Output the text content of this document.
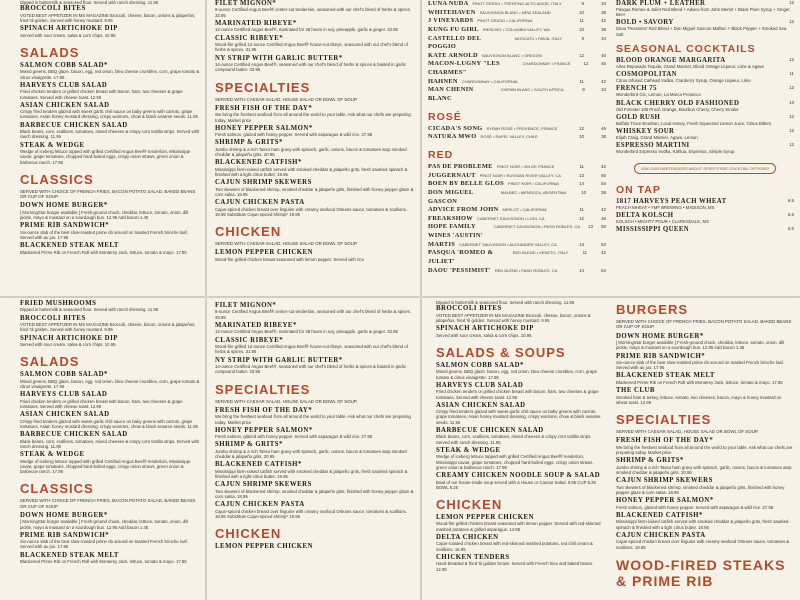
Dipped in buttermilk & seasoned flour. Served with ranch dressing. 11.95
BROCCOLI BITES
VOTED BEST APPETIZER IN MS MAGAZINE Broccoli, cheese, bacon, onions & jalapeños, fried 'til golden. Served with honey mustard. 9.95
SPINACH ARTICHOKE DIP
Served with sour cream, salsa & corn chips. 10.95
SALADS
SALMON COBB SALAD*
Mixed greens, BBQ glaze, bacon, egg, red onion, bleu cheese crumbles, corn, grape tomato & citrus vinaigrette. 17.95
HARVEYS CLUB SALAD
Fried chicken tenders or grilled chicken breast with bacon, ham, two cheeses & grape tomatoes. Served with cheese toast. 12.95
ASIAN CHICKEN SALAD
Crispy fried tenders glazed with sweet garlic chili sauce on baby greens with carrots, grape tomatoes, Asian honey mustard dressing, crispy wontons, chow & black sesame seeds. 11.95
BARBECUE CHICKEN SALAD
Black beans, corn, scallions, tomatoes, mixed cheeses & crispy corn tortilla strips. Served with ranch dressing. 11.95
STEAK & WEDGE
Wedge of iceberg lettuce topped with grilled Certified Angus Beef® tenderloin, Mississippi caviar, grape tomatoes, chopped hard-boiled eggs, crispy onion straws, green onion & barbecue ranch. 17.95
CLASSICS
SERVED WITH CHOICE OF FRENCH FRIES, BACON POTATO SALAD, BAKED BEANS OR CUP OF SOUP.
DOWN HOME BURGER*
[ MorningStar burger available ] Fresh-ground chuck, cheddar, lettuce, tomato, onion, dill pickle, mayo & mustard on a sourdough bun. 12.95 Add bacon 1.45
PRIME RIB SANDWICH*
Six-ounce slab of the best slow-roasted prime rib around on toasted French brioche loaf. Served with au jus. 17.95
BLACKENED STEAK MELT
Blackened Prime Rib on French Roll with Monterey Jack, lettuce, tomato & mayo. 17.95
FILET MIGNON*
8-ounce Certified Angus Beef® center-cut tenderloin, seasoned with our chef's blend of herbs & spices. 33.95
MARINATED RIBEYE*
12-ounce Certified Angus Beef®, marinated for 48 hours in soy, pineapple, garlic & ginger. 32.95
CLASSIC RIBEYE*
Wood-fire grilled 12-ounce Certified Angus Beef® house-cut ribeye, seasoned with our chef's blend of herbs & spices. 31.95
NY STRIP WITH GARLIC BUTTER*
14-ounce Certified Angus Beef®, seasoned with our chef's blend of herbs & spices & basted in garlic compound butter. 33.95
SPECIALTIES
SERVED WITH CAESAR SALAD, HOUSE SALAD OR BOWL OF SOUP.
FRESH FISH OF THE DAY*
We bring the freshest seafood from all around the world to your table. Ask what our chefs are preparing today. Market price
HONEY PEPPER SALMON*
Fresh salmon, glazed with honey pepper. Served with asparagus & wild rice. 27.95
SHRIMP & GRITS*
Jumbo shrimp & a rich Tasso ham gravy with spinach, garlic, onions, bacon & tomatoes atop smoked cheddar & jalapeño grits. 20.95
BLACKENED CATFISH*
Mississippi farm-raised catfish served with smoked cheddar & jalapeño grits, fresh sautéed spinach & finished with a light citrus butter. 19.95
CAJUN SHRIMP SKEWERS
Two skewers of blackened shrimp, smoked cheddar & jalapeño grits, finished with honey pepper glaze & corn salsa. 18.95
CAJUN CHICKEN PASTA
Cajun-spiced chicken breast over linguine with creamy seafood Orleans sauce, tomatoes & scallions. 18.95 Substitute Cajun-spiced shrimp* 19.95
CHICKEN
SERVED WITH CAESAR SALAD, HOUSE SALAD OR BOWL OF SOUP.
LEMON PEPPER CHICKEN
Wood-fire grilled chicken breast seasoned with lemon pepper. Served with rice
LUNA NUDA PINOT GRIGIO • TRENTINO-ALTO ADIGE, ITALY	9	34
WHITEHAVEN SAUVIGNON BLANC • NEW ZEALAND	10	38
J VINEYARDS PINOT GRIGIO • CALIFORNIA	11	42
KUNG FU GIRL RIESLING • COLUMBIA VALLEY, WA	10	38
CASTELLO DEL POGGIO
MOSCATO • PAVIA, ITALY	9	34
KATE ARNOLD SAUVIGNON BLANC • OREGON	12	46
MACON-LUGNY "LES CHARMES"
CHARDONNAY • FRANCE	12	46
HAHNEN CHARDONNAY • CALIFORNIA	11	42
MAN CHENIN BLANC
CHENIN BLANC • SOUTH AFRICA	9	34
ROSÉ
CICADA'S SONG SYRAH ROSÉ • PROVENCE, FRANCE	12	46
NATURA MWO ROSÉ • RAPEL VALLEY, CHILE	10	38
RED
PAS DE PROBLEME PINOT NOIR • VIN DE FRANCE	11	42
JUGGERNAUT PINOT NOIR • RUSSIAN RIVER VALLEY, CA	13	50
BOEN BY BELLE GLOS PINOT NOIR • CALIFORNIA	14	54
DON MIGUEL GASCON
MALBEC • MENDOZA, ARGENTINA	10	38
ADVICE FROM JOHN MERLOT • CALIFORNIA	11	42
FREAKSHOW CABERNET SAUVIGNON • LODI, CA	12	46
HOPE FAMILY WINES 'AUSTIN'
CABERNET SAUVIGNON • PASO ROBLES, CA	13	50
MARTIS CABERNET SAUVIGNON • ALEXANDER VALLEY, CA	14	54
PASQUA 'ROMEO & JULIET'
RED BLEND • VENETO, ITALY	11	42
DAOU 'PESSIMIST' RED BLEND • PASO ROBLES, CA	14	54
DARK PLUM + LEATHER	12
Pasqua Romeo & Juliet Red Blend + Advice from John Merlot + Black Plum Syrup + Ginger Beer
BOLD • SAVORY	12
Daou 'Pessimist' Red Blend + Don Miguel Gascon Malbec + Black Pepper + Smoked Sea Salt
SEASONAL COCKTAILS
BLOOD ORANGE MARGARITA	12
Altos Reposado Tequila, Grand Marnier, Blood Orange Liqueur, Lime & Agave
COSMOPOLITAN	11
Citrus Infused Cathead Vodka, Cranberry Syrup, Orange Liqueur, Lime
FRENCH 75	12
Wonderbird Gin, Lemon, La Marca Prosecco
BLACK CHERRY OLD FASHIONED	13
Old Forester 100 Proof, Orange, Bourbon Cherry, Cherry Smoke
GOLD RUSH	12
Buffalo Trace Bourbon, Local Honey, Fresh Squeezed Lemon Juice, Citrus Bitters
WHISKEY SOUR	12
Elijah Craig, Grand Marnier, Agave, Lemon
ESPRESSO MARTINI	12
Wonderbird Espresso Vodka, Kahlua, Espresso, Simple Syrup
ASK OUR BARTENDERS ABOUT SPIRIT-FREE COCKTAIL OPTIONS!
ON TAP
1817 HARVEYS PEACH WHEAT	6.5
PEACH WHEAT • YMF BREWING • MADISON, MS
DELTA KOLSCH	6.5
KOLSCH • MIGHTY POUR • CLARKSDALE, MS
MISSISSIPPI QUEEN	6.5
FRIED MUSHROOMS
Dipped in buttermilk & seasoned flour. Served with ranch dressing. 11.95
BROCCOLI BITES
VOTED BEST APPETIZER IN MS MAGAZINE Broccoli, cheese, bacon, onions & jalapeños, fried 'til golden. Served with honey mustard. 9.95
SPINACH ARTICHOKE DIP
Served with sour cream, salsa & corn chips. 10.95
SALADS
SALMON COBB SALAD*
Mixed greens, BBQ glaze, bacon, egg, red onion, bleu cheese crumbles, corn, grape tomato & citrus vinaigrette. 17.95
HARVEYS CLUB SALAD
Fried chicken tenders or grilled chicken breast with bacon, ham, two cheeses & grape tomatoes. Served with cheese toast. 12.95
ASIAN CHICKEN SALAD
Crispy fried tenders glazed with sweet garlic chili sauce on baby greens with carrots, grape tomatoes, Asian honey mustard dressing, crispy wontons, chow & black sesame seeds. 11.95
BARBECUE CHICKEN SALAD
Black beans, corn, scallions, tomatoes, mixed cheeses & crispy corn tortilla strips. Served with ranch dressing. 11.95
STEAK & WEDGE
Wedge of iceberg lettuce topped with grilled Certified Angus Beef® tenderloin, Mississippi caviar, grape tomatoes, chopped hard-boiled eggs, crispy onion straws, green onion & barbecue ranch. 17.95
CLASSICS
SERVED WITH CHOICE OF FRENCH FRIES, BACON POTATO SALAD, BAKED BEANS OR CUP OF SOUP.
DOWN HOME BURGER*
[ MorningStar burger available ] Fresh-ground chuck, cheddar, lettuce, tomato, onion, dill pickle, mayo & mustard on a sourdough bun. 12.95 Add bacon 1.45
PRIME RIB SANDWICH*
Six-ounce slab of the best slow-roasted prime rib around on toasted French brioche loaf. Served with au jus. 17.95
BLACKENED STEAK MELT
Blackened Prime Rib on French Roll with Monterey Jack, lettuce, tomato & mayo. 17.95
FILET MIGNON*
8-ounce Certified Angus Beef® center-cut tenderloin, seasoned with our chef's blend of herbs & spices. 33.95
MARINATED RIBEYE*
12-ounce Certified Angus Beef®, marinated for 48 hours in soy, pineapple, garlic & ginger. 32.95
CLASSIC RIBEYE*
Wood-fire grilled 12-ounce Certified Angus Beef® house-cut ribeye, seasoned with our chef's blend of herbs & spices. 31.95
NY STRIP WITH GARLIC BUTTER*
14-ounce Certified Angus Beef®, seasoned with our chef's blend of herbs & spices & basted in garlic compound butter. 33.95
SPECIALTIES
SERVED WITH CAESAR SALAD, HOUSE SALAD OR BOWL OF SOUP.
FRESH FISH OF THE DAY*
We bring the freshest seafood from all around the world to your table. Ask what our chefs are preparing today. Market price
HONEY PEPPER SALMON*
Fresh salmon, glazed with honey pepper. Served with asparagus & wild rice. 27.95
SHRIMP & GRITS*
Jumbo shrimp & a rich Tasso ham gravy with spinach, garlic, onions, bacon & tomatoes atop smoked cheddar & jalapeño grits. 20.95
BLACKENED CATFISH*
Mississippi farm-raised catfish served with smoked cheddar & jalapeño grits, fresh sautéed spinach & finished with a light citrus butter. 19.95
CAJUN SHRIMP SKEWERS
Two skewers of blackened shrimp, smoked cheddar & jalapeño grits, finished with honey pepper glaze & corn salsa. 18.95
CAJUN CHICKEN PASTA
Cajun-spiced chicken breast over linguine with creamy seafood Orleans sauce, tomatoes & scallions. 18.95 Substitute Cajun-spiced shrimp* 19.95
CHICKEN
LEMON PEPPER CHICKEN
Dipped in buttermilk & seasoned flour. Served with ranch dressing. 11.95
BROCCOLI BITES
VOTED BEST APPETIZER IN MS MAGAZINE Broccoli, cheese, bacon, onions & jalapeños, fried 'til golden. Served with honey mustard. 9.95
SPINACH ARTICHOKE DIP
Served with sour cream, salsa & corn chips. 10.95
SALADS & SOUPS
SALMON COBB SALAD*
Mixed greens, BBQ glaze, bacon, egg, red onion, bleu cheese crumbles, corn, grape tomato & citrus vinaigrette. 17.95
HARVEYS CLUB SALAD
Fried chicken tenders or grilled chicken breast with bacon, ham, two cheeses & grape tomatoes. Served with cheese toast. 12.95
ASIAN CHICKEN SALAD
Crispy fried tenders glazed with sweet garlic chili sauce on baby greens with carrots, grape tomatoes, Asian honey mustard dressing, crispy wontons, chow & black sesame seeds. 11.95
BARBECUE CHICKEN SALAD
Black beans, corn, scallions, tomatoes, mixed cheeses & crispy corn tortilla strips. Served with ranch dressing. 11.95
STEAK & WEDGE
Wedge of iceberg lettuce topped with grilled Certified Angus Beef® tenderloin, Mississippi caviar, grape tomatoes, chopped hard-boiled eggs, crispy onion straws, green onion & barbecue ranch. 17.95
CREAMY CHICKEN NOODLE SOUP & SALAD
Bowl of our house-made soup served with a House or Caesar Salad. 9.95 CUP 5.25 BOWL 5.25
CHICKEN
LEMON PEPPER CHICKEN
Wood-fire grilled chicken breast seasoned with lemon pepper. Served with red-skinned mashed potatoes & grilled asparagus. 14.95
DELTA CHICKEN
Cajun-roasted chicken breast with red-skinned mashed potatoes, red chili cream & scallions. 15.95
CHICKEN TENDERS
Hand-breaded & fried 'til golden brown. Served with French fries and baked beans. 12.95
BURGERS
SERVED WITH CHOICE OF FRENCH FRIES, BACON POTATO SALAD, BAKED BEANS OR CUP OF SOUP.
DOWN HOME BURGER*
[ MorningStar burger available ] Fresh-ground chuck, cheddar, lettuce, tomato, onion, dill pickle, mayo & mustard on a sourdough bun. 12.95 Add bacon 1.45
PRIME RIB SANDWICH*
Six-ounce slab of the best slow-roasted prime rib around on toasted French brioche loaf. Served with au jus. 17.95
BLACKENED STEAK MELT
Blackened Prime Rib on French Roll with Monterey Jack, lettuce, tomato & mayo. 17.95
THE CLUB
Smoked ham & turkey, lettuce, tomato, two cheeses, bacon, mayo & honey mustard on wheat toast. 12.95
SPECIALTIES
SERVED WITH CAESAR SALAD, HOUSE SALAD OR BOWL OF SOUP.
FRESH FISH OF THE DAY*
We bring the freshest seafood from all around the world to your table. Ask what our chefs are preparing today. Market price
SHRIMP & GRITS*
Jumbo shrimp & a rich Tasso ham gravy with spinach, garlic, onions, bacon & tomatoes atop smoked cheddar & jalapeño grits. 20.95
CAJUN SHRIMP SKEWERS
Two skewers of blackened shrimp, smoked cheddar & jalapeño grits, finished with honey pepper glaze & corn salsa. 18.95
HONEY PEPPER SALMON*
Fresh salmon, glazed with honey pepper. Served with asparagus & wild rice. 27.95
BLACKENED CATFISH*
Mississippi farm-raised catfish served with smoked cheddar & jalapeño grits, fresh sautéed spinach & finished with a light citrus butter. 19.95
CAJUN CHICKEN PASTA
Cajun-spiced chicken breast over linguine with creamy seafood Orleans sauce, tomatoes & scallions. 18.95
WOOD-FIRED STEAKS & PRIME RIB
